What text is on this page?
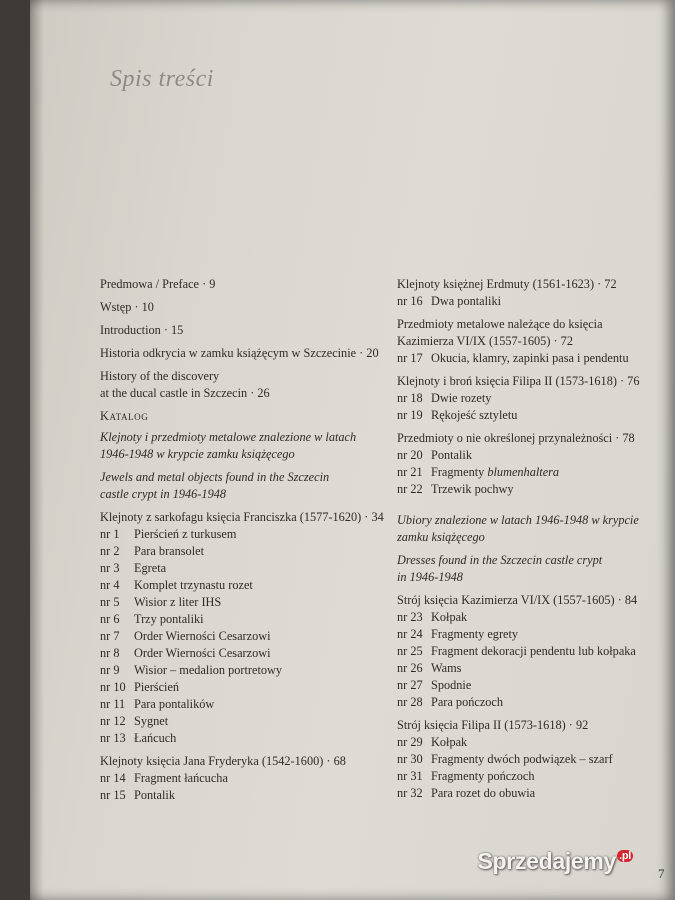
Spis treści

Predmowa / Preface · 9

Wstęp · 10

Introduction · 15

Historia odkrycia w zamku książęcym w Szczecinie · 20

History of the discovery

at the ducal castle in Szczecin · 26

Katalog

Klejnoty i przedmioty metalowe znalezione w latach

1946-1948 w krypcie zamku książęcego

Jewels and metal objects found in the Szczecin

castle crypt in 1946-1948

Klejnoty z sarkofagu księcia Franciszka (1577-1620) · 34

nr 1	Pierścień z turkusem
nr 2	Para bransolet
nr 3	Egreta
nr 4	Komplet trzynastu rozet
nr 5	Wisior z liter IHS
nr 6	Trzy pontaliki
nr 7	Order Wierności Cesarzowi
nr 8	Order Wierności Cesarzowi
nr 9	Wisior – medalion portretowy
nr 10 Pierścień
nr 11 Para pontalików
nr 12 Sygnet
nr 13 Łańcuch

Klejnoty księcia Jana Fryderyka (1542-1600) · 68

nr 14 Fragment łańcucha
nr 15 Pontalik

Klejnoty księżnej Erdmuty (1561-1623) · 72

nr 16 Dwa pontaliki

Przedmioty metalowe należące do księcia

Kazimierza VI/IX (1557-1605) · 72

nr 17 Okucia, klamry, zapinki pasa i pendentu

Klejnoty i broń księcia Filipa II (1573-1618) · 76

nr 18 Dwie rozety
nr 19 Rękojeść sztyletu

Przedmioty o nie określonej przynależności · 78

nr 20 Pontalik
nr 21 Fragmenty blumenhaltera
nr 22 Trzewik pochwy

Ubiory znalezione w latach 1946-1948 w krypcie

zamku książęcego

Dresses found in the Szczecin castle crypt

in 1946-1948

Strój księcia Kazimierza VI/IX (1557-1605) · 84

nr 23 Kołpak
nr 24 Fragmenty egrety
nr 25 Fragment dekoracji pendentu lub kołpaka
nr 26 Wams
nr 27 Spodnie
nr 28 Para pończoch

Strój księcia Filipa II (1573-1618) · 92

nr 29 Kołpak
nr 30 Fragmenty dwóch podwiązek – szarf
nr 31 Fragmenty pończoch
nr 32 Para rozet do obuwia
Sprzedajemy $^{.pl}$
7
